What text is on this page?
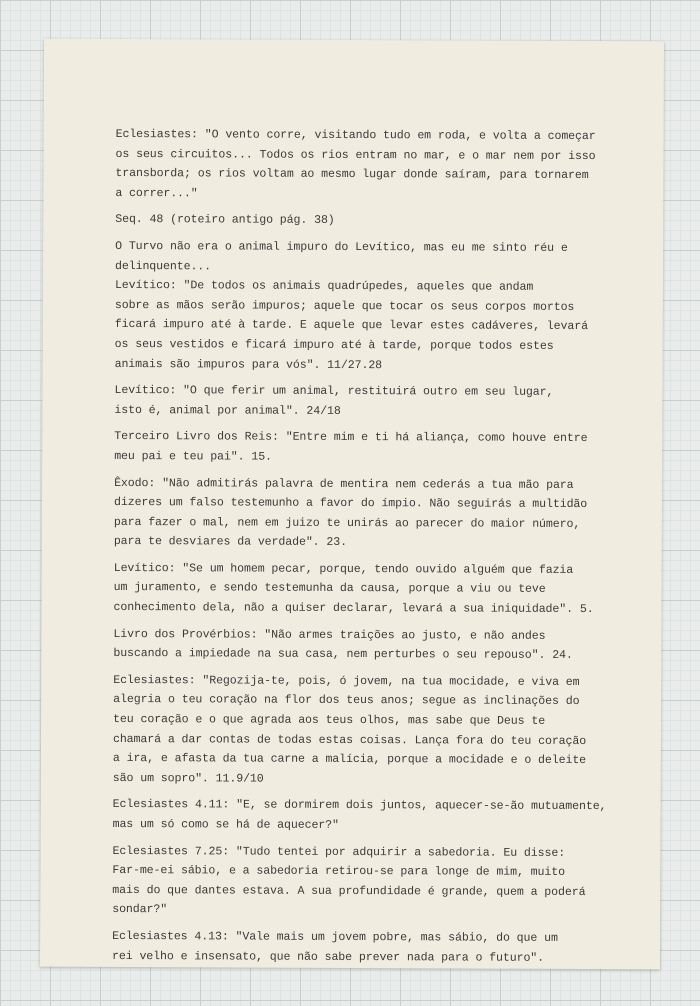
Eclesiastes: "O vento corre, visitando tudo em roda, e volta a começar
os seus circuitos... Todos os rios entram no mar, e o mar nem por isso
transborda; os rios voltam ao mesmo lugar donde saíram, para tornarem
a correr..."
Seq. 48 (roteiro antigo pág. 38)
O Turvo não era o animal impuro do Levítico, mas eu me sinto réu e
delinquente...
Levítico: "De todos os animais quadrúpedes, aqueles que andam
sobre as mãos serão impuros; aquele que tocar os seus corpos mortos
ficará impuro até à tarde. E aquele que levar estes cadáveres, levará
os seus vestidos e ficará impuro até à tarde, porque todos estes
animais são impuros para vós". 11/27.28
Levítico: "O que ferir um animal, restituirá outro em seu lugar,
isto é, animal por animal". 24/18
Terceiro Livro dos Reis: "Entre mim e ti há aliança, como houve entre
meu pai e teu pai". 15.
Êxodo: "Não admitirás palavra de mentira nem cederás a tua mão para
dizeres um falso testemunho a favor do ímpio. Não seguirás a multidão
para fazer o mal, nem em juizo te unirás ao parecer do maior número,
para te desviares da verdade". 23.
Levítico: "Se um homem pecar, porque, tendo ouvido alguém que fazia
um juramento, e sendo testemunha da causa, porque a viu ou teve
conhecimento dela, não a quiser declarar, levará a sua iniquidade". 5.
Livro dos Provérbios: "Não armes traições ao justo, e não andes
buscando a impiedade na sua casa, nem perturbes o seu repouso". 24.
Eclesiastes: "Regozija-te, pois, ó jovem, na tua mocidade, e viva em
alegria o teu coração na flor dos teus anos; segue as inclinações do
teu coração e o que agrada aos teus olhos, mas sabe que Deus te
chamará a dar contas de todas estas coisas. Lança fora do teu coração
a ira, e afasta da tua carne a malícia, porque a mocidade e o deleite
são um sopro". 11.9/10
Eclesiastes 4.11: "E, se dormirem dois juntos, aquecer-se-ão mutuamente,
mas um só como se há de aquecer?"
Eclesiastes 7.25: "Tudo tentei por adquirir a sabedoria. Eu disse:
Far-me-ei sábio, e a sabedoria retirou-se para longe de mim, muito
mais do que dantes estava. A sua profundidade é grande, quem a poderá
sondar?"
Eclesiastes 4.13: "Vale mais um jovem pobre, mas sábio, do que um
rei velho e insensato, que não sabe prever nada para o futuro".
